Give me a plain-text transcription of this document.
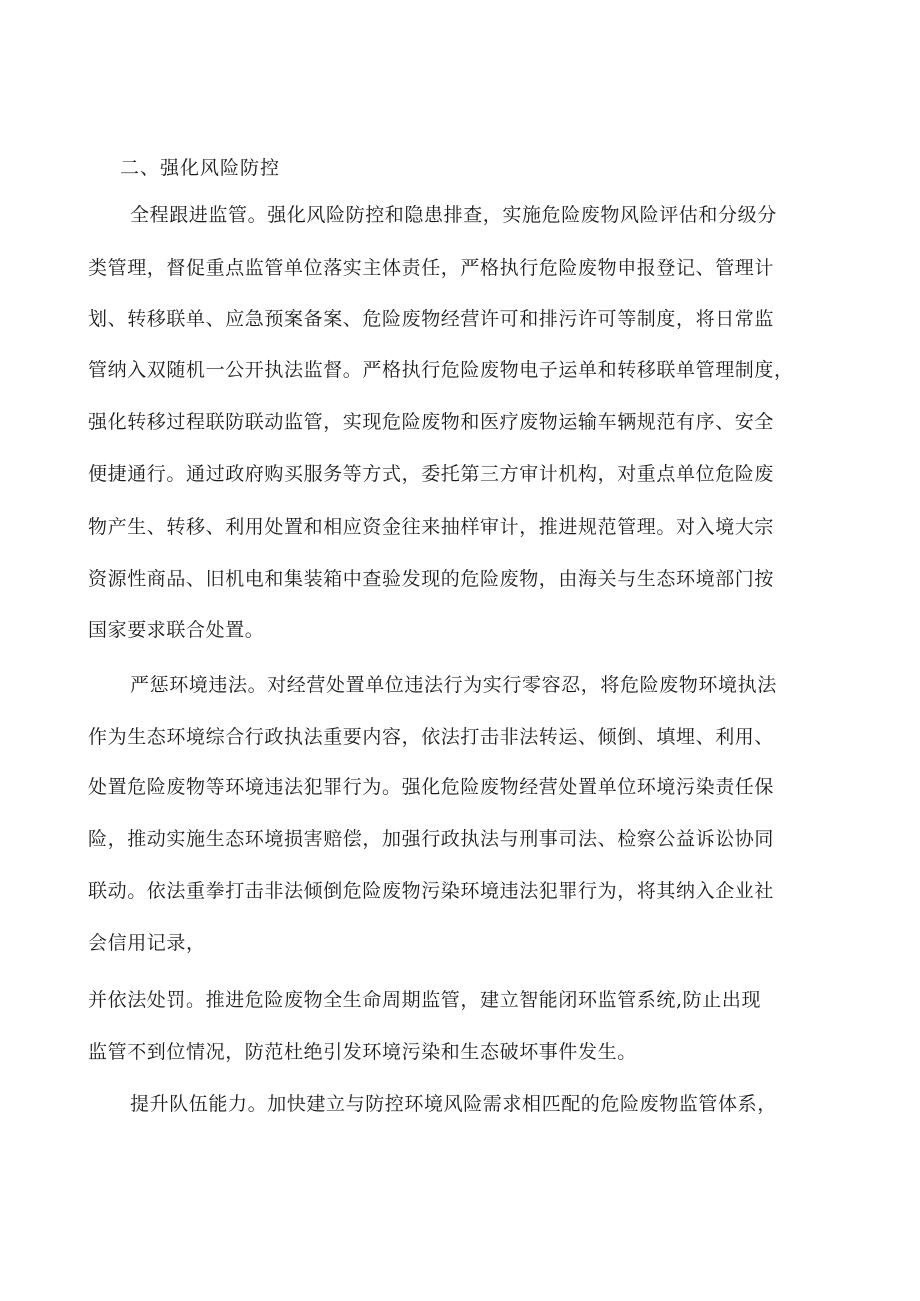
二、强化风险防控
全程跟进监管。强化风险防控和隐患排查，实施危险废物风险评估和分级分
类管理，督促重点监管单位落实主体责任，严格执行危险废物申报登记、管理计
划、转移联单、应急预案备案、危险废物经营许可和排污许可等制度，将日常监
管纳入双随机一公开执法监督。严格执行危险废物电子运单和转移联单管理制度，
强化转移过程联防联动监管，实现危险废物和医疗废物运输车辆规范有序、安全
便捷通行。通过政府购买服务等方式，委托第三方审计机构，对重点单位危险废
物产生、转移、利用处置和相应资金往来抽样审计，推进规范管理。对入境大宗
资源性商品、旧机电和集装箱中查验发现的危险废物，由海关与生态环境部门按
国家要求联合处置。
严惩环境违法。对经营处置单位违法行为实行零容忍，将危险废物环境执法
作为生态环境综合行政执法重要内容，依法打击非法转运、倾倒、填埋、利用、
处置危险废物等环境违法犯罪行为。强化危险废物经营处置单位环境污染责任保
险，推动实施生态环境损害赔偿，加强行政执法与刑事司法、检察公益诉讼协同
联动。依法重拳打击非法倾倒危险废物污染环境违法犯罪行为，将其纳入企业社
会信用记录，
并依法处罚。推进危险废物全生命周期监管，建立智能闭环监管系统,防止出现
监管不到位情况，防范杜绝引发环境污染和生态破坏事件发生。
提升队伍能力。加快建立与防控环境风险需求相匹配的危险废物监管体系，
